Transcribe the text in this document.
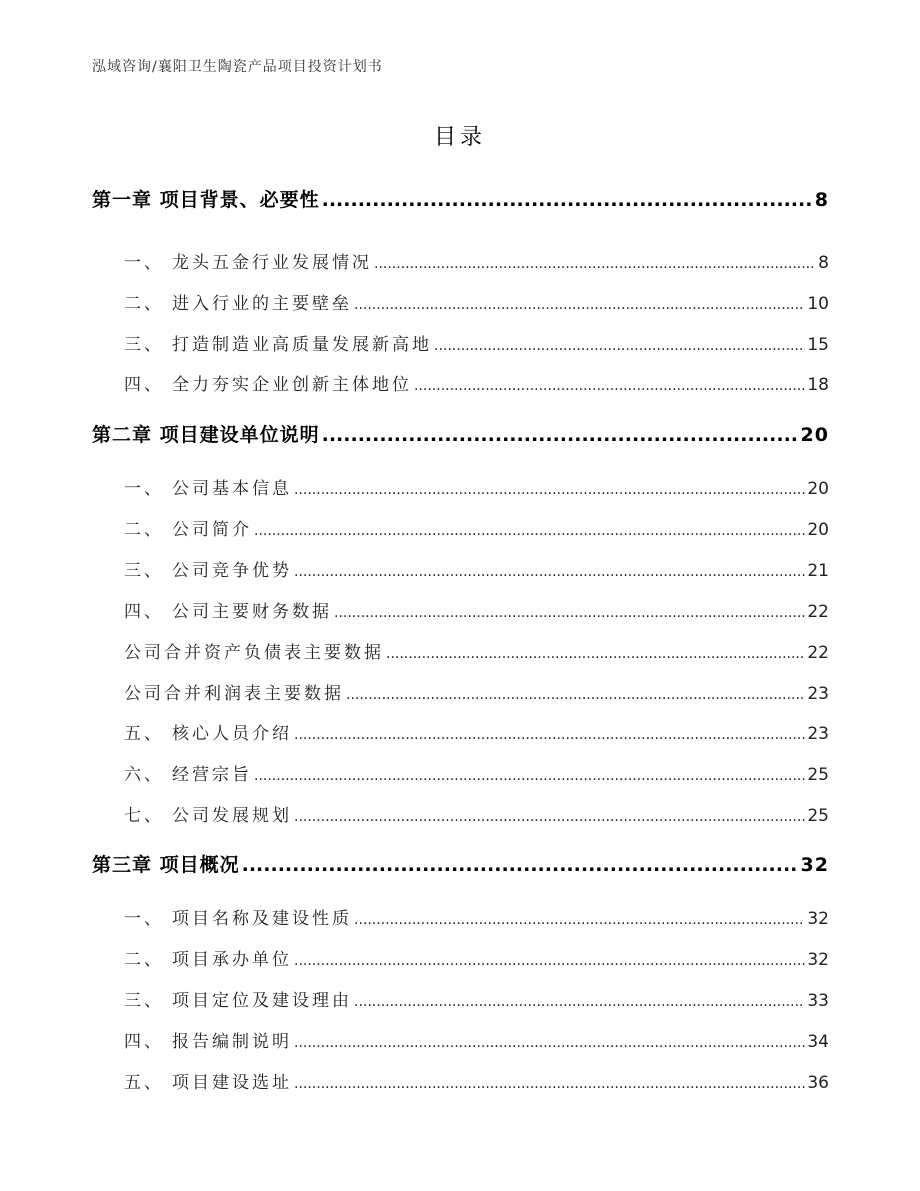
泓域咨询/襄阳卫生陶瓷产品项目投资计划书
目录
第一章 项目背景、必要性 .....	8
一、 龙头五金行业发展情况 .....	8
二、 进入行业的主要壁垒 .....	10
三、 打造制造业高质量发展新高地 .....	15
四、 全力夯实企业创新主体地位 .....	18
第二章 项目建设单位说明 .....	20
一、 公司基本信息 .....	20
二、 公司简介 .....	20
三、 公司竞争优势 .....	21
四、 公司主要财务数据 .....	22
公司合并资产负债表主要数据 .....	22
公司合并利润表主要数据 .....	23
五、 核心人员介绍 .....	23
六、 经营宗旨 .....	25
七、 公司发展规划 .....	25
第三章 项目概况 .....	32
一、 项目名称及建设性质 .....	32
二、 项目承办单位 .....	32
三、 项目定位及建设理由 .....	33
四、 报告编制说明 .....	34
五、 项目建设选址 .....	36
